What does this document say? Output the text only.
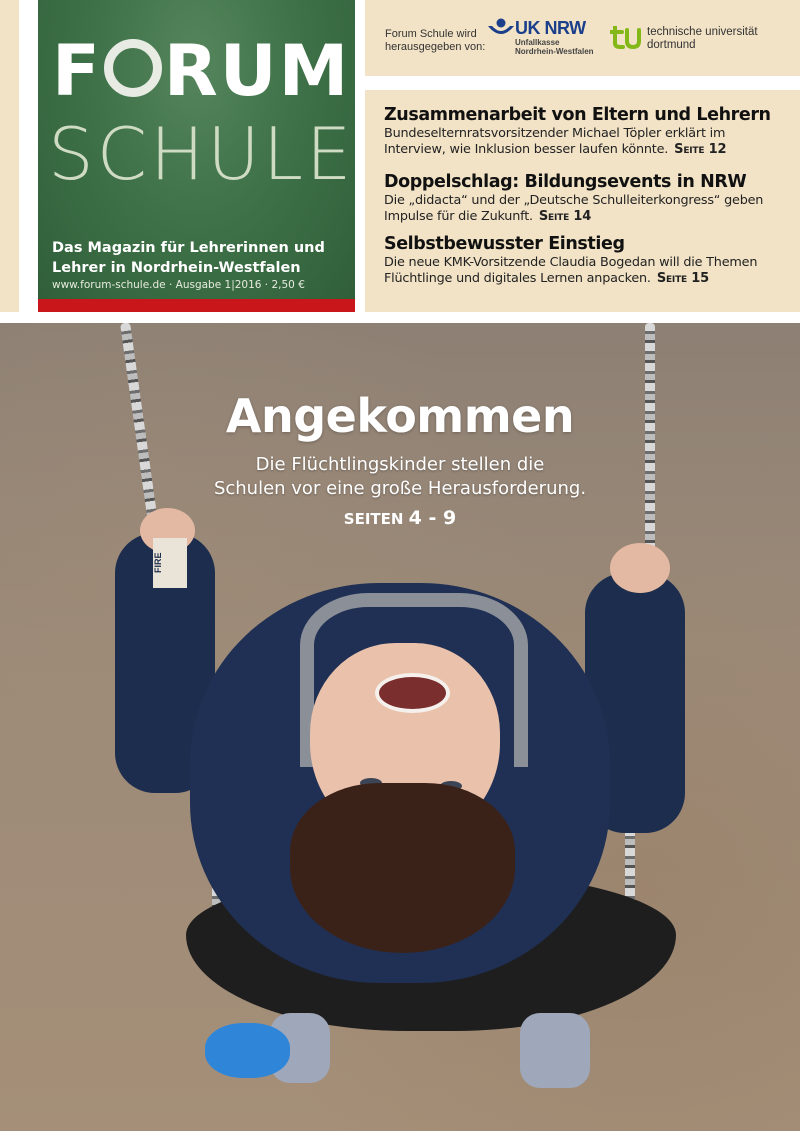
F RUM
SCHULE
Das Magazin für Lehrerinnen und
Lehrer in Nordrhein-Westfalen
www.forum-schule.de · Ausgabe 1|2016 · 2,50 €
Forum Schule wird
herausgegeben von:
UK NRW
Unfallkasse
Nordrhein-Westfalen
technische universität
dortmund
Zusammenarbeit von Eltern und Lehrern

Bundeselternratsvorsitzender Michael Töpler erklärt im
Interview, wie Inklusion besser laufen könnte. Seite 12

Doppelschlag: Bildungsevents in NRW

Die „didacta“ und der „Deutsche Schulleiterkongress“ geben
Impulse für die Zukunft. Seite 14

Selbstbewusster Einstieg

Die neue KMK-Vorsitzende Claudia Bogedan will die Themen
Flüchtlinge und digitales Lernen anpacken. Seite 15

FIRE
Angekommen
Die Flüchtlingskinder stellen die
Schulen vor eine große Herausforderung.
SEITEN 4 - 9
